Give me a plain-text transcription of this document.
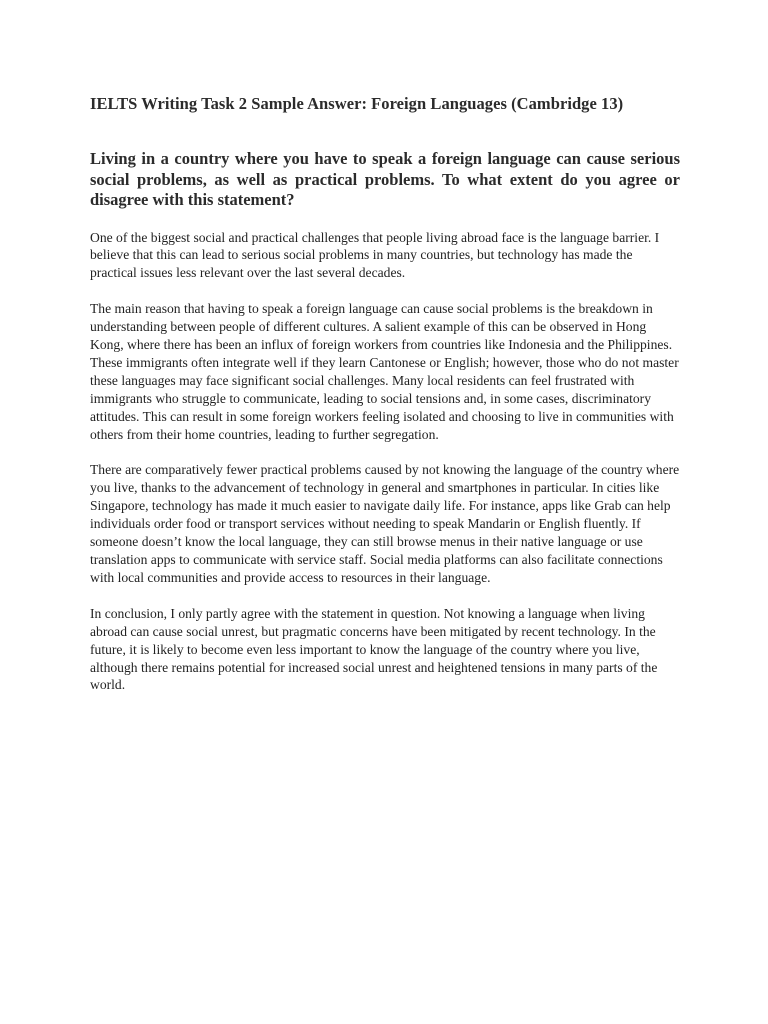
IELTS Writing Task 2 Sample Answer: Foreign Languages (Cambridge 13)

Living in a country where you have to speak a foreign language can cause serious social problems, as well as practical problems. To what extent do you agree or disagree with this statement?

One of the biggest social and practical challenges that people living abroad face is the language barrier. I believe that this can lead to serious social problems in many countries, but technology has made the practical issues less relevant over the last several decades.

The main reason that having to speak a foreign language can cause social problems is the breakdown in understanding between people of different cultures. A salient example of this can be observed in Hong Kong, where there has been an influx of foreign workers from countries like Indonesia and the Philippines. These immigrants often integrate well if they learn Cantonese or English; however, those who do not master these languages may face significant social challenges. Many local residents can feel frustrated with immigrants who struggle to communicate, leading to social tensions and, in some cases, discriminatory attitudes. This can result in some foreign workers feeling isolated and choosing to live in communities with others from their home countries, leading to further segregation.

There are comparatively fewer practical problems caused by not knowing the language of the country where you live, thanks to the advancement of technology in general and smartphones in particular. In cities like Singapore, technology has made it much easier to navigate daily life. For instance, apps like Grab can help individuals order food or transport services without needing to speak Mandarin or English fluently. If someone doesn’t know the local language, they can still browse menus in their native language or use translation apps to communicate with service staff. Social media platforms can also facilitate connections with local communities and provide access to resources in their language.

In conclusion, I only partly agree with the statement in question. Not knowing a language when living abroad can cause social unrest, but pragmatic concerns have been mitigated by recent technology. In the future, it is likely to become even less important to know the language of the country where you live, although there remains potential for increased social unrest and heightened tensions in many parts of the world.
